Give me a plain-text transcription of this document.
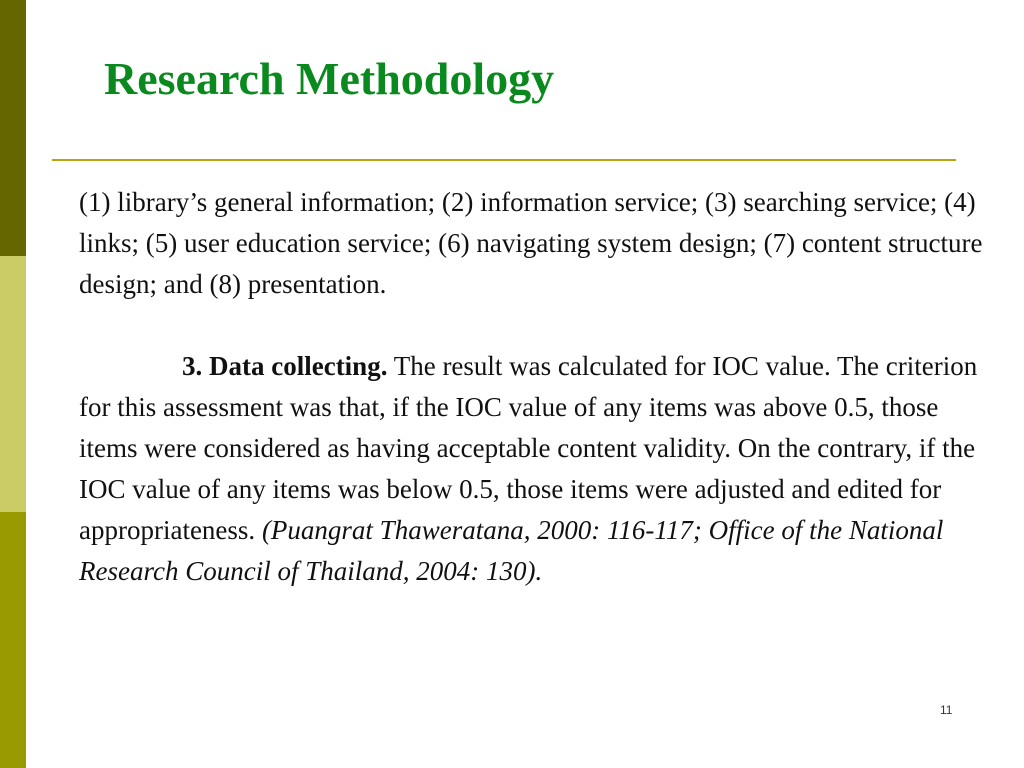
Research Methodology

(1) library’s general information; (2) information service; (3) searching service; (4) links; (5) user education service; (6) navigating system design; (7) content structure design; and (8) presentation.

3. Data collecting. The result was calculated for IOC value. The criterion for this assessment was that, if the IOC value of any items was above 0.5, those items were considered as having acceptable content validity. On the contrary, if the IOC value of any items was below 0.5, those items were adjusted and edited for appropriateness. (Puangrat Thaweratana, 2000: 116-117; Office of the National Research Council of Thailand, 2004: 130).

11
